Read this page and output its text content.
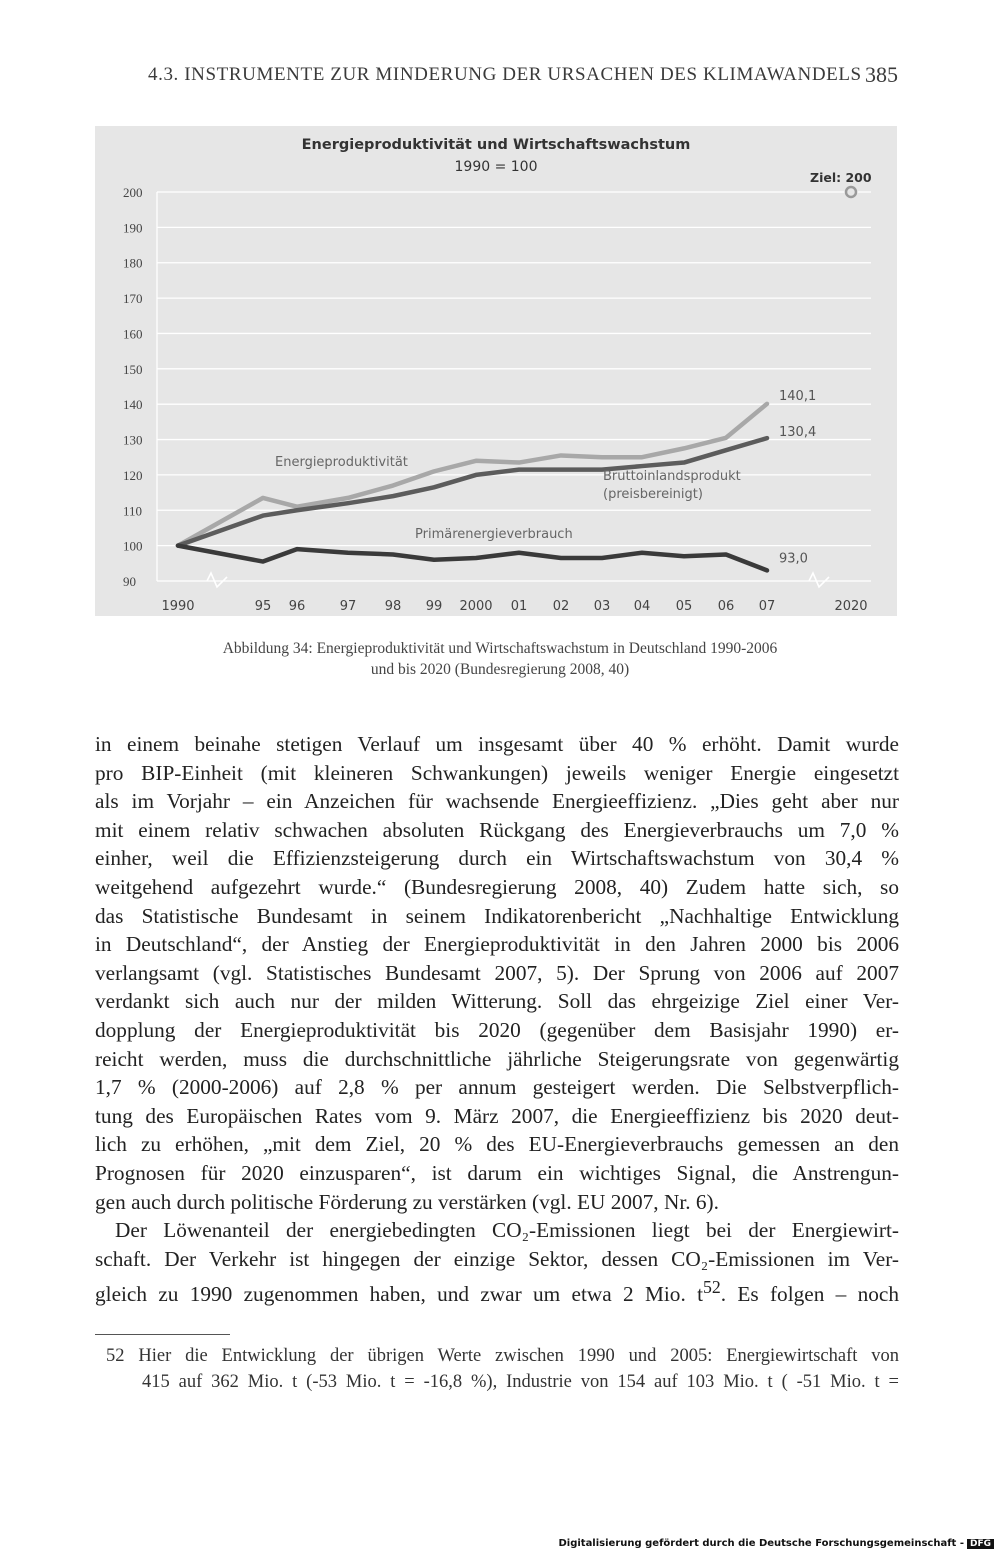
4.3. INSTRUMENTE ZUR MINDERUNG DER URSACHEN DES KLIMAWANDELS 385
90
100
110
120
130
140
150
160
170
180
190
200
1990	95 96	97 98 99 2000 01 02 03 04 05 06 07	2020
140,1
130,4
93,0
Energieproduktivität
Bruttoinlandsprodukt
(preisbereinigt)
Primärenergieverbrauch
Energieproduktivität und Wirtschaftswachstum
1990 = 100
Ziel: 200
Abbildung 34: Energieproduktivität und Wirtschaftswachstum in Deutschland 1990-2006
und bis 2020 (Bundesregierung 2008, 40)
in einem beinahe stetigen Verlauf um insgesamt über 40 % erhöht. Damit wurde
pro BIP-Einheit (mit kleineren Schwankungen) jeweils weniger Energie eingesetzt
als im Vorjahr – ein Anzeichen für wachsende Energieeffizienz. „Dies geht aber nur
mit einem relativ schwachen absoluten Rückgang des Energieverbrauchs um 7,0 %
einher, weil die Effizienzsteigerung durch ein Wirtschaftswachstum von 30,4 %
weitgehend aufgezehrt wurde.“ (Bundesregierung 2008, 40) Zudem hatte sich, so
das Statistische Bundesamt in seinem Indikatorenbericht „Nachhaltige Entwicklung
in Deutschland“, der Anstieg der Energieproduktivität in den Jahren 2000 bis 2006
verlangsamt (vgl. Statistisches Bundesamt 2007, 5). Der Sprung von 2006 auf 2007
verdankt sich auch nur der milden Witterung. Soll das ehrgeizige Ziel einer Ver-
dopplung der Energieproduktivität bis 2020 (gegenüber dem Basisjahr 1990) er-
reicht werden, muss die durchschnittliche jährliche Steigerungsrate von gegenwärtig
1,7 % (2000-2006) auf 2,8 % per annum gesteigert werden. Die Selbstverpflich-
tung des Europäischen Rates vom 9. März 2007, die Energieeffizienz bis 2020 deut-
lich zu erhöhen, „mit dem Ziel, 20 % des EU-Energieverbrauchs gemessen an den
Prognosen für 2020 einzusparen“, ist darum ein wichtiges Signal, die Anstrengun-
gen auch durch politische Förderung zu verstärken (vgl. EU 2007, Nr. 6).
Der Löwenanteil der energiebedingten CO₂-Emissionen liegt bei der Energiewirt-
schaft. Der Verkehr ist hingegen der einzige Sektor, dessen CO₂-Emissionen im Ver-
gleich zu 1990 zugenommen haben, und zwar um etwa 2 Mio. $t^{52}$. Es folgen – noch
52 Hier die Entwicklung der übrigen Werte zwischen 1990 und 2005: Energiewirtschaft von
415 auf 362 Mio. t (-53 Mio. t = -16,8 %), Industrie von 154 auf 103 Mio. t ( -51 Mio. t =
Digitalisierung gefördert durch die Deutsche Forschungsgemeinschaft - DFG
